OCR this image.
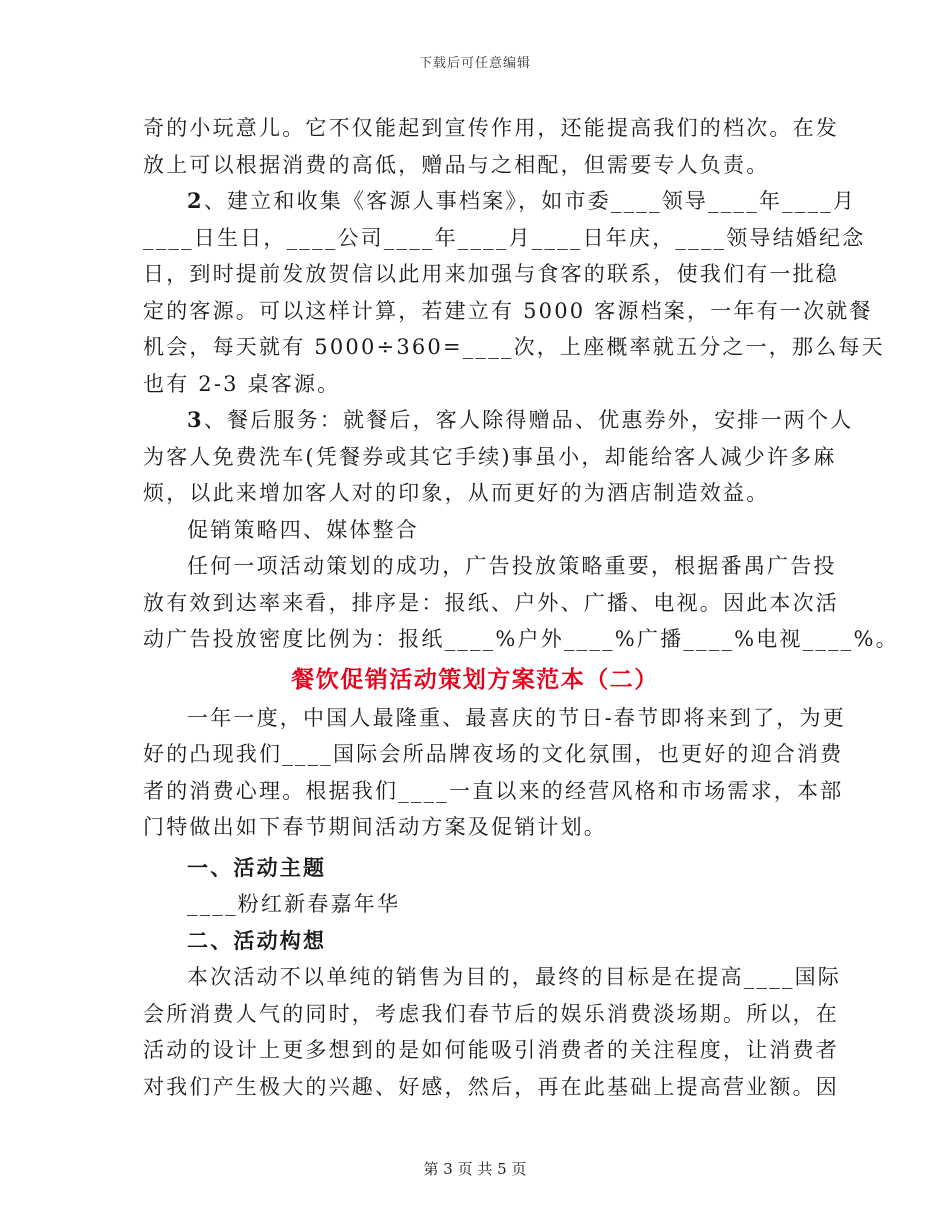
下载后可任意编辑

奇的小玩意儿。它不仅能起到宣传作用，还能提高我们的档次。在发
放上可以根据消费的高低，赠品与之相配，但需要专人负责。

2、建立和收集《客源人事档案》，如市委____领导____年____月
____日生日，____公司____年____月____日年庆，____领导结婚纪念
日，到时提前发放贺信以此用来加强与食客的联系，使我们有一批稳
定的客源。可以这样计算，若建立有 5000 客源档案，一年有一次就餐
机会，每天就有 5000÷360=____次，上座概率就五分之一，那么每天
也有 2-3 桌客源。

3、餐后服务：就餐后，客人除得赠品、优惠券外，安排一两个人
为客人免费洗车(凭餐券或其它手续)事虽小，却能给客人减少许多麻
烦，以此来增加客人对的印象，从而更好的为酒店制造效益。

促销策略四、媒体整合

任何一项活动策划的成功，广告投放策略重要，根据番禺广告投
放有效到达率来看，排序是：报纸、户外、广播、电视。因此本次活
动广告投放密度比例为：报纸____%户外____%广播____%电视____%。

餐饮促销活动策划方案范本（二）

一年一度，中国人最隆重、最喜庆的节日-春节即将来到了，为更
好的凸现我们____国际会所品牌夜场的文化氛围，也更好的迎合消费
者的消费心理。根据我们____一直以来的经营风格和市场需求，本部
门特做出如下春节期间活动方案及促销计划。

一、活动主题

____粉红新春嘉年华

二、活动构想

本次活动不以单纯的销售为目的，最终的目标是在提高____国际
会所消费人气的同时，考虑我们春节后的娱乐消费淡场期。所以，在
活动的设计上更多想到的是如何能吸引消费者的关注程度，让消费者
对我们产生极大的兴趣、好感，然后，再在此基础上提高营业额。因

第 3 页 共 5 页
